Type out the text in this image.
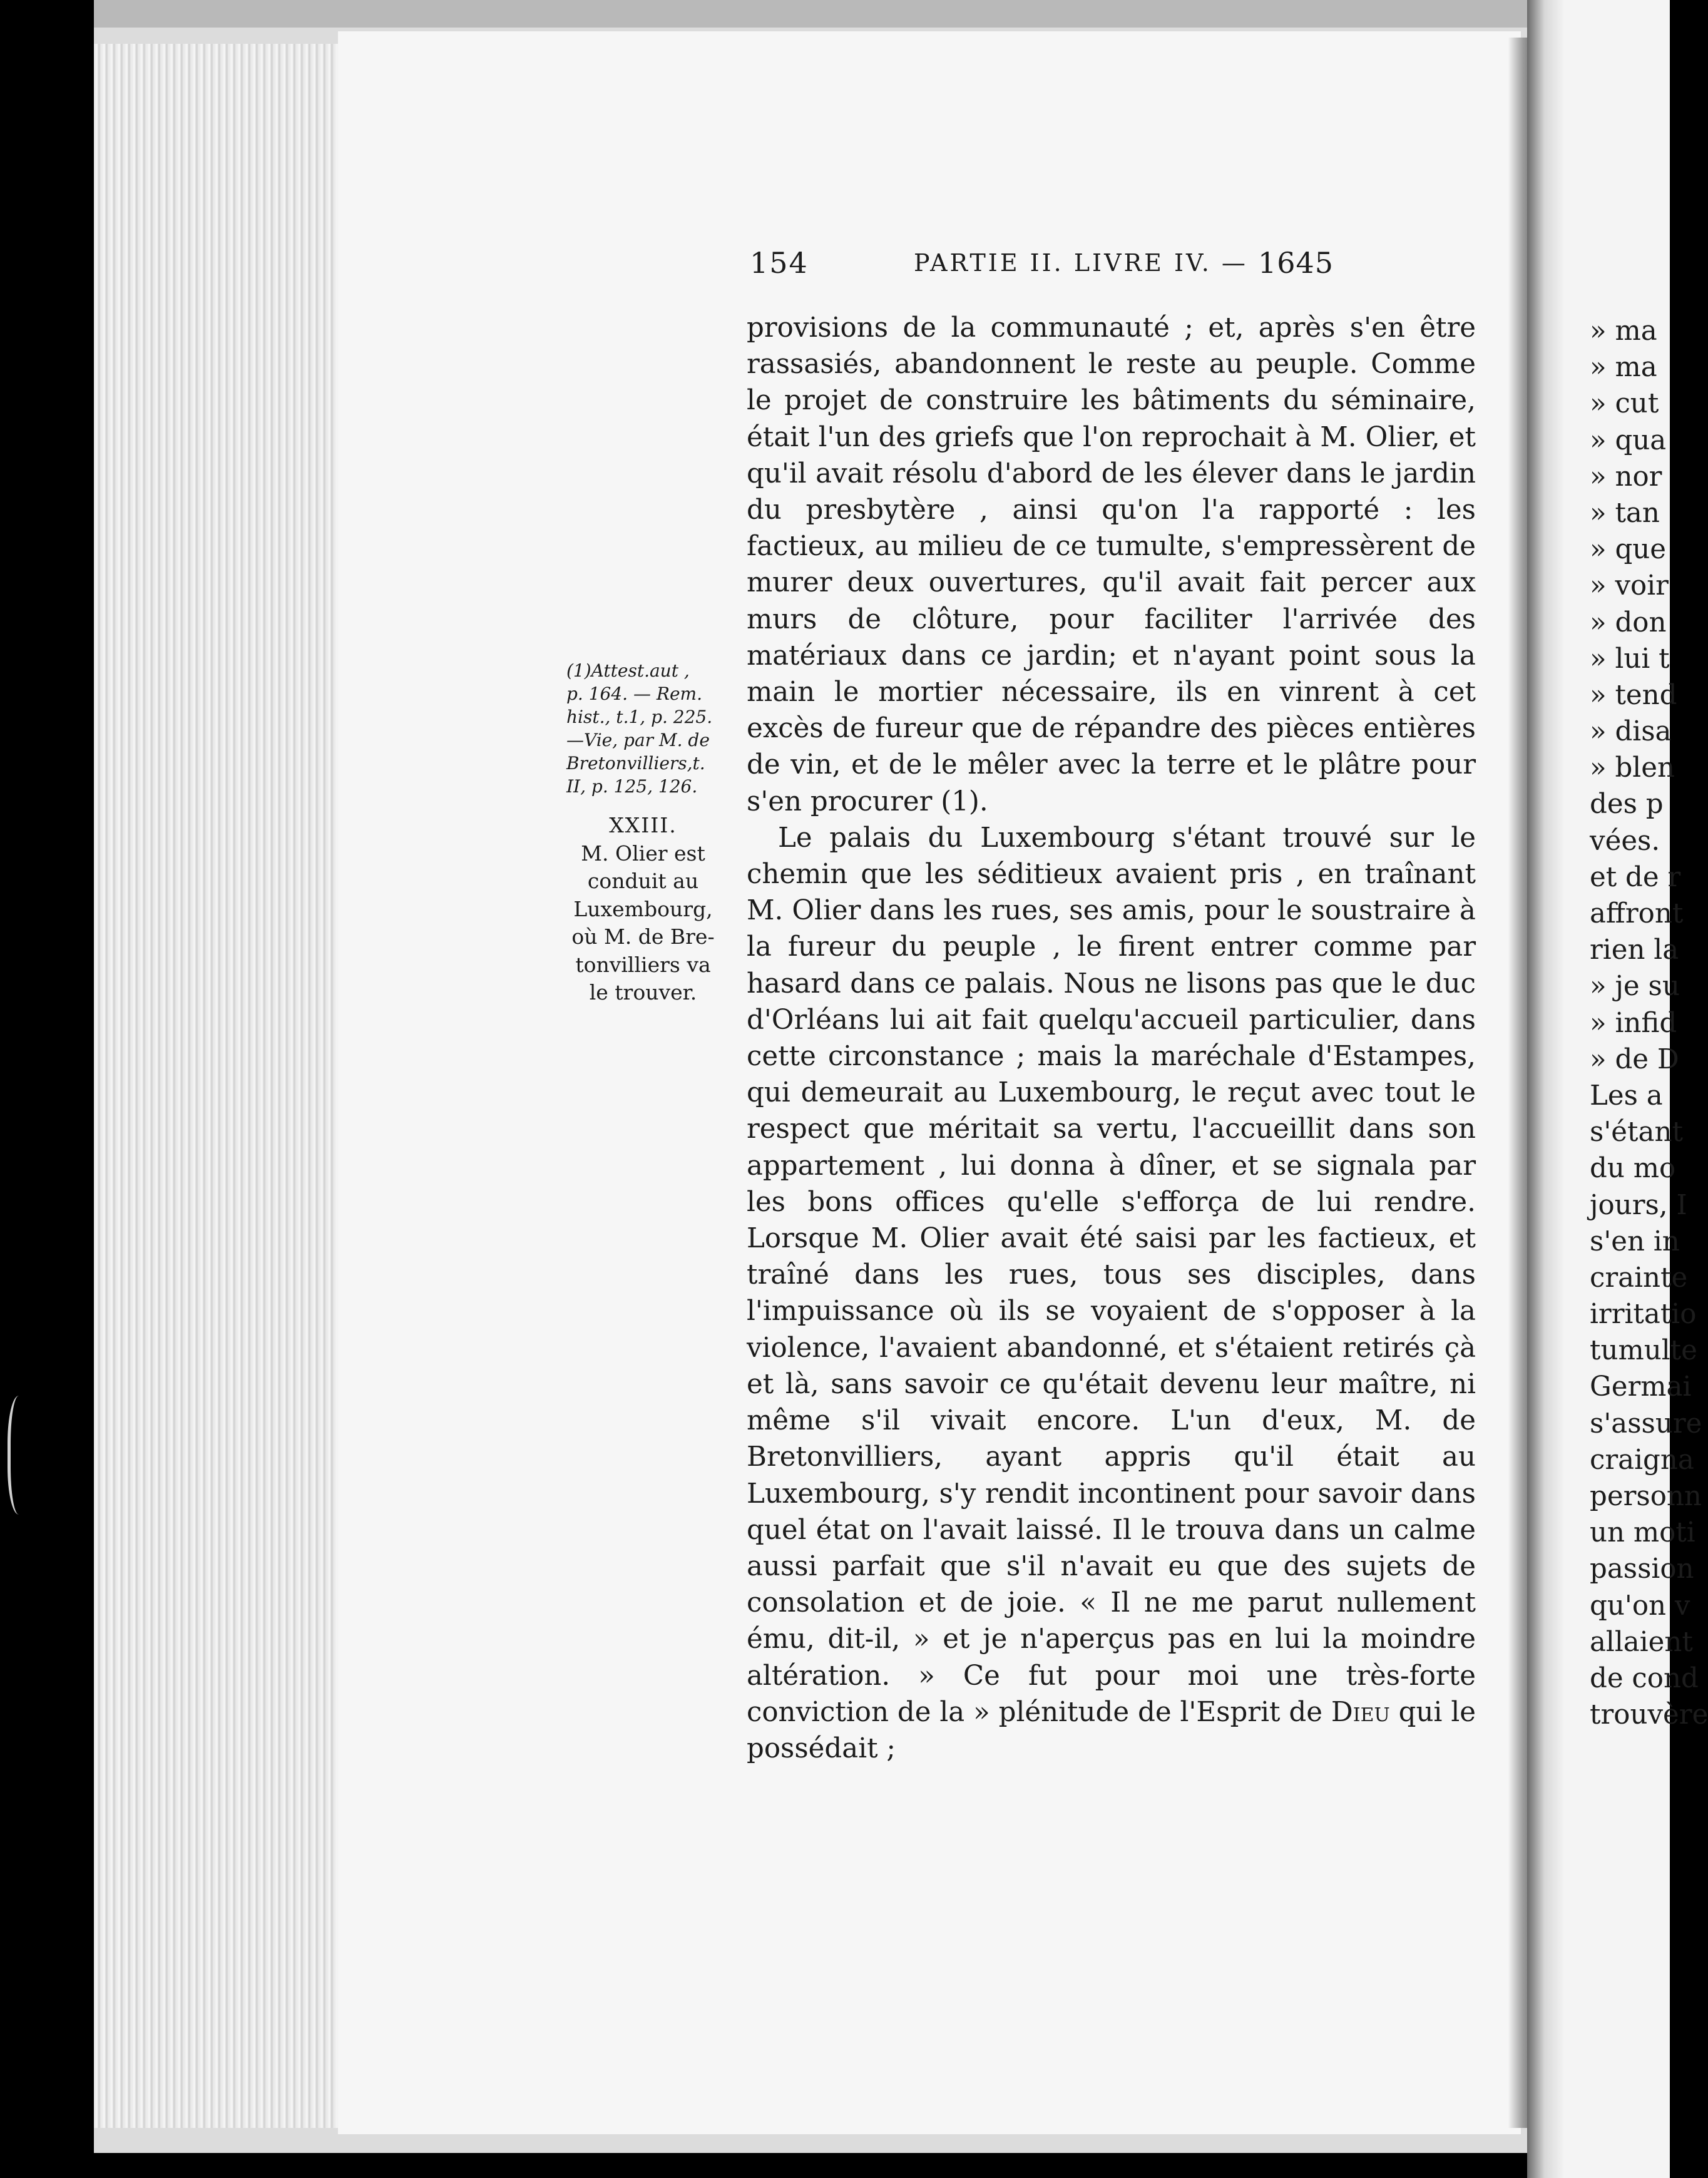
154	PARTIE II. LIVRE IV. — 1645
(1)Attest.aut ,
p. 164. — Rem.
hist., t.1, p. 225.
—Vie, par M. de
Bretonvilliers,t.
II, p. 125, 126.
XXIII.
M. Olier est
conduit au
Luxembourg,
où M. de Bre-
tonvilliers va
le trouver.

provisions de la communauté ; et, après s'en être rassasiés, abandonnent le reste au peuple. Comme le projet de construire les bâtiments du séminaire, était l'un des griefs que l'on reprochait à M. Olier, et qu'il avait résolu d'abord de les élever dans le jardin du presbytère , ainsi qu'on l'a rapporté : les factieux, au milieu de ce tumulte, s'empressèrent de murer deux ouvertures, qu'il avait fait percer aux murs de clôture, pour faciliter l'arrivée des matériaux dans ce jardin; et n'ayant point sous la main le mortier nécessaire, ils en vinrent à cet excès de fureur que de répandre des pièces entières de vin, et de le mêler avec la terre et le plâtre pour s'en procurer (1).

Le palais du Luxembourg s'étant trouvé sur le chemin que les séditieux avaient pris , en traînant M. Olier dans les rues, ses amis, pour le soustraire à la fureur du peuple , le firent entrer comme par hasard dans ce palais. Nous ne lisons pas que le duc d'Orléans lui ait fait quelqu'accueil particulier, dans cette circonstance ; mais la maréchale d'Estampes, qui demeurait au Luxembourg, le reçut avec tout le respect que méritait sa vertu, l'accueillit dans son appartement , lui donna à dîner, et se signala par les bons offices qu'elle s'efforça de lui rendre. Lorsque M. Olier avait été saisi par les factieux, et traîné dans les rues, tous ses disciples, dans l'impuissance où ils se voyaient de s'opposer à la violence, l'avaient abandonné, et s'étaient retirés çà et là, sans savoir ce qu'était devenu leur maître, ni même s'il vivait encore. L'un d'eux, M. de Bretonvilliers, ayant appris qu'il était au Luxembourg, s'y rendit incontinent pour savoir dans quel état on l'avait laissé. Il le trouva dans un calme aussi parfait que s'il n'avait eu que des sujets de consolation et de joie. « Il ne me parut nullement ému, dit-il, » et je n'aperçus pas en lui la moindre altération. » Ce fut pour moi une très-forte conviction de la » plénitude de l'Esprit de Dieu qui le possédait ;

» ma
» ma
» cut
» qua
» nor
» tan
» que
» voir
» don
» lui t
» tend
» disa
» blen
des p
vées.
et de r
affront
rien la
» je su
» infid
» de D
Les a
s'étant
du mo
jours, I
s'en in
crainte
irritatio
tumulte
Germai
s'assure
craigna
personn
un moti
passion
qu'on v
allaient
de cond
trouvère
